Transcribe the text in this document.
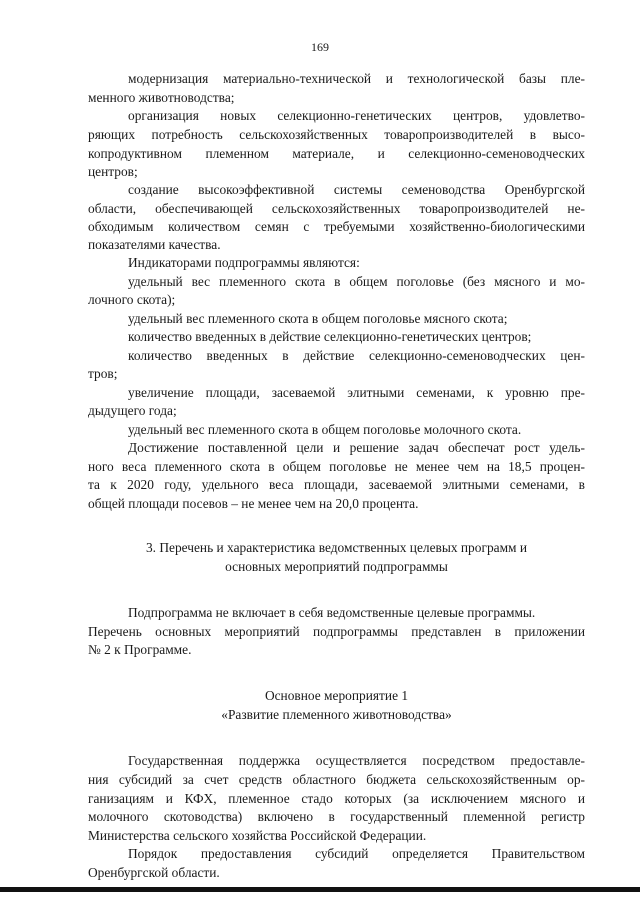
169
модернизация материально-технической и технологической базы пле-
менного животноводства;
организация новых селекционно-генетических центров, удовлетво-
ряющих потребность сельскохозяйственных товаропроизводителей в высо-
копродуктивном племенном материале, и селекционно-семеноводческих
центров;
создание высокоэффективной системы семеноводства Оренбургской
области, обеспечивающей сельскохозяйственных товаропроизводителей не-
обходимым количеством семян с требуемыми хозяйственно-биологическими
показателями качества.
Индикаторами подпрограммы являются:
удельный вес племенного скота в общем поголовье (без мясного и мо-
лочного скота);
удельный вес племенного скота в общем поголовье мясного скота;
количество введенных в действие селекционно-генетических центров;
количество введенных в действие селекционно-семеноводческих цен-
тров;
увеличение площади, засеваемой элитными семенами, к уровню пре-
дыдущего года;
удельный вес племенного скота в общем поголовье молочного скота.
Достижение поставленной цели и решение задач обеспечат рост удель-
ного веса племенного скота в общем поголовье не менее чем на 18,5 процен-
та к 2020 году, удельного веса площади, засеваемой элитными семенами, в
общей площади посевов – не менее чем на 20,0 процента.
3. Перечень и характеристика ведомственных целевых программ и
основных мероприятий подпрограммы
Подпрограмма не включает в себя ведомственные целевые программы.
Перечень основных мероприятий подпрограммы представлен в приложении
№ 2 к Программе.
Основное мероприятие 1
«Развитие племенного животноводства»
Государственная поддержка осуществляется посредством предоставле-
ния субсидий за счет средств областного бюджета сельскохозяйственным ор-
ганизациям и КФХ, племенное стадо которых (за исключением мясного и
молочного скотоводства) включено в государственный племенной регистр
Министерства сельского хозяйства Российской Федерации.
Порядок предоставления субсидий определяется Правительством
Оренбургской области.
